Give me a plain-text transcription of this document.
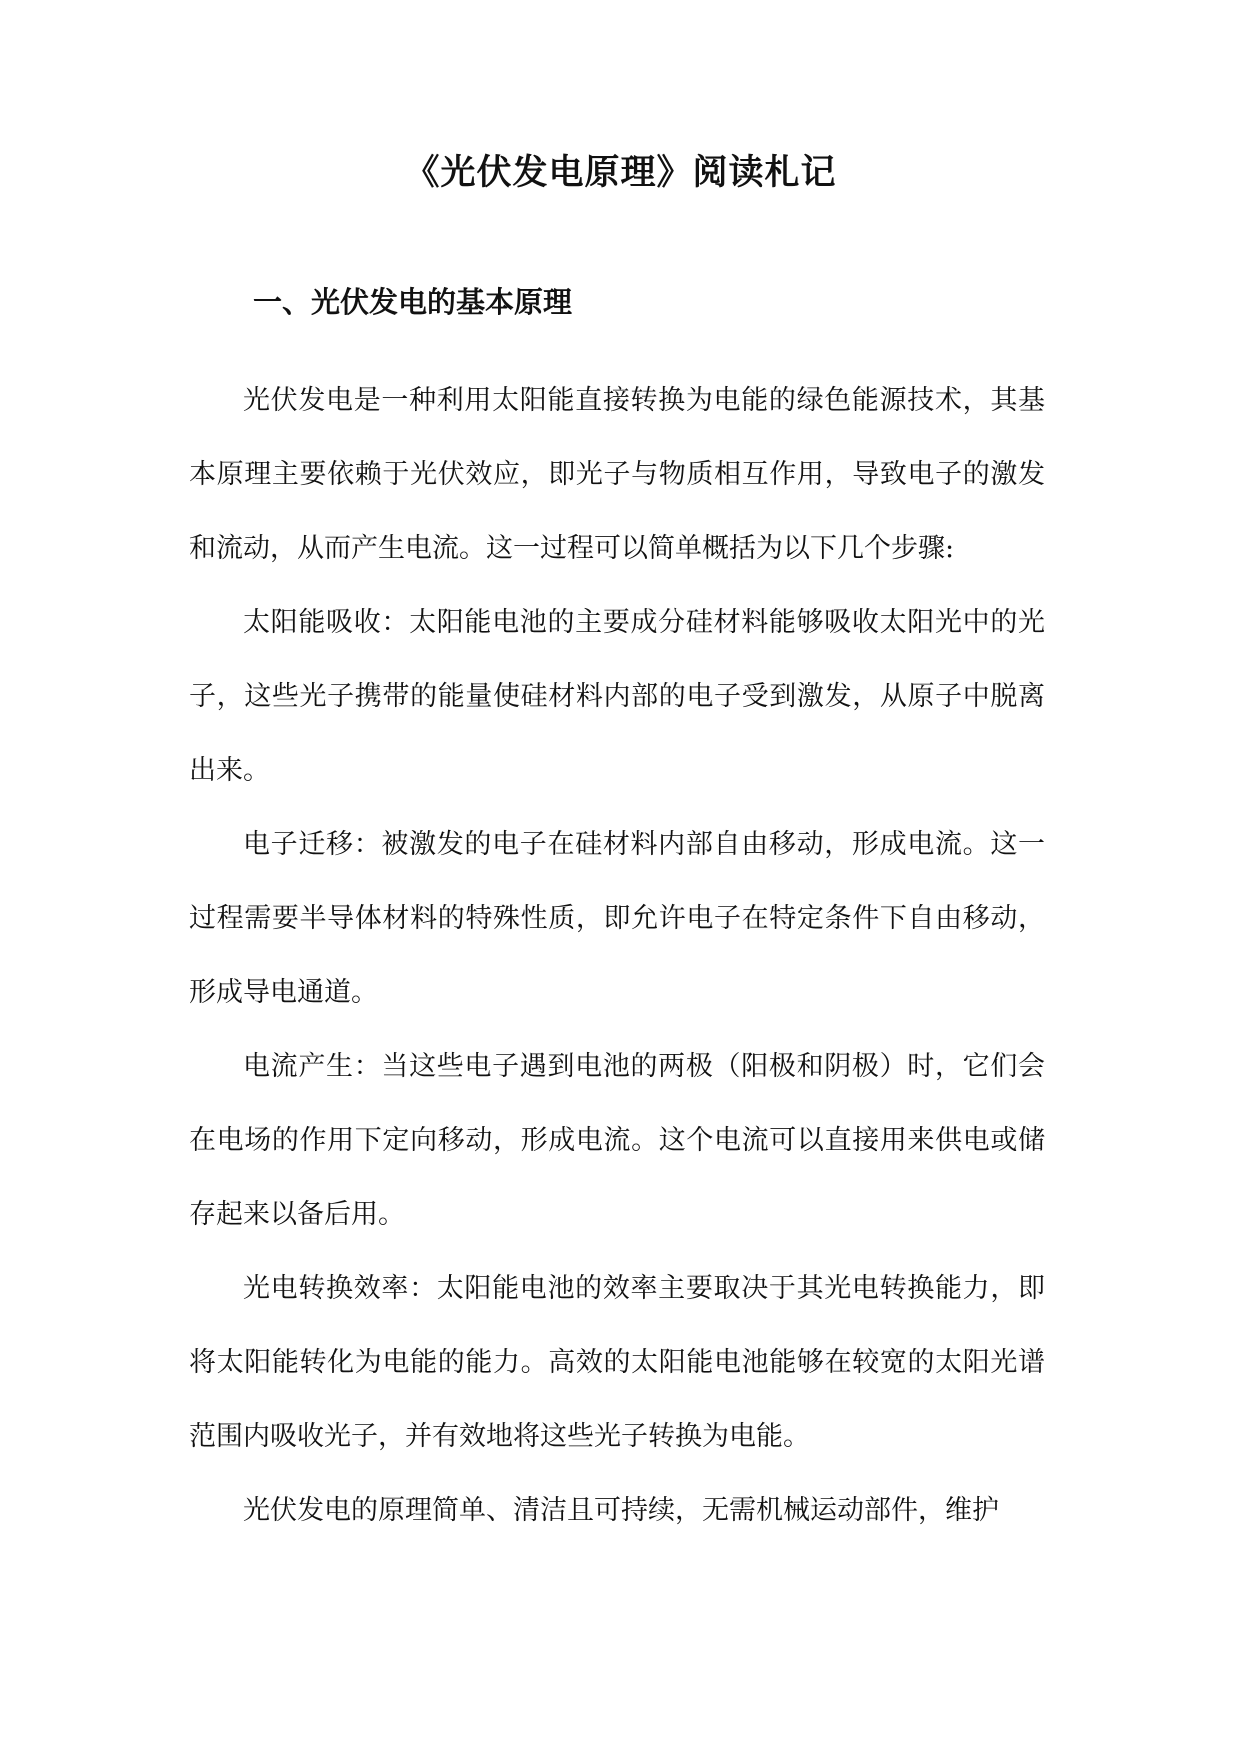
《光伏发电原理》阅读札记
一、光伏发电的基本原理

光伏发电是一种利用太阳能直接转换为电能的绿色能源技术，其基本原理主要依赖于光伏效应，即光子与物质相互作用，导致电子的激发和流动，从而产生电流。这一过程可以简单概括为以下几个步骤:

太阳能吸收：太阳能电池的主要成分硅材料能够吸收太阳光中的光子，这些光子携带的能量使硅材料内部的电子受到激发，从原子中脱离出来。

电子迁移：被激发的电子在硅材料内部自由移动，形成电流。这一过程需要半导体材料的特殊性质，即允许电子在特定条件下自由移动，形成导电通道。

电流产生：当这些电子遇到电池的两极（阳极和阴极）时，它们会在电场的作用下定向移动，形成电流。这个电流可以直接用来供电或储存起来以备后用。

光电转换效率：太阳能电池的效率主要取决于其光电转换能力，即将太阳能转化为电能的能力。高效的太阳能电池能够在较宽的太阳光谱范围内吸收光子，并有效地将这些光子转换为电能。

光伏发电的原理简单、清洁且可持续，无需机械运动部件，维护
